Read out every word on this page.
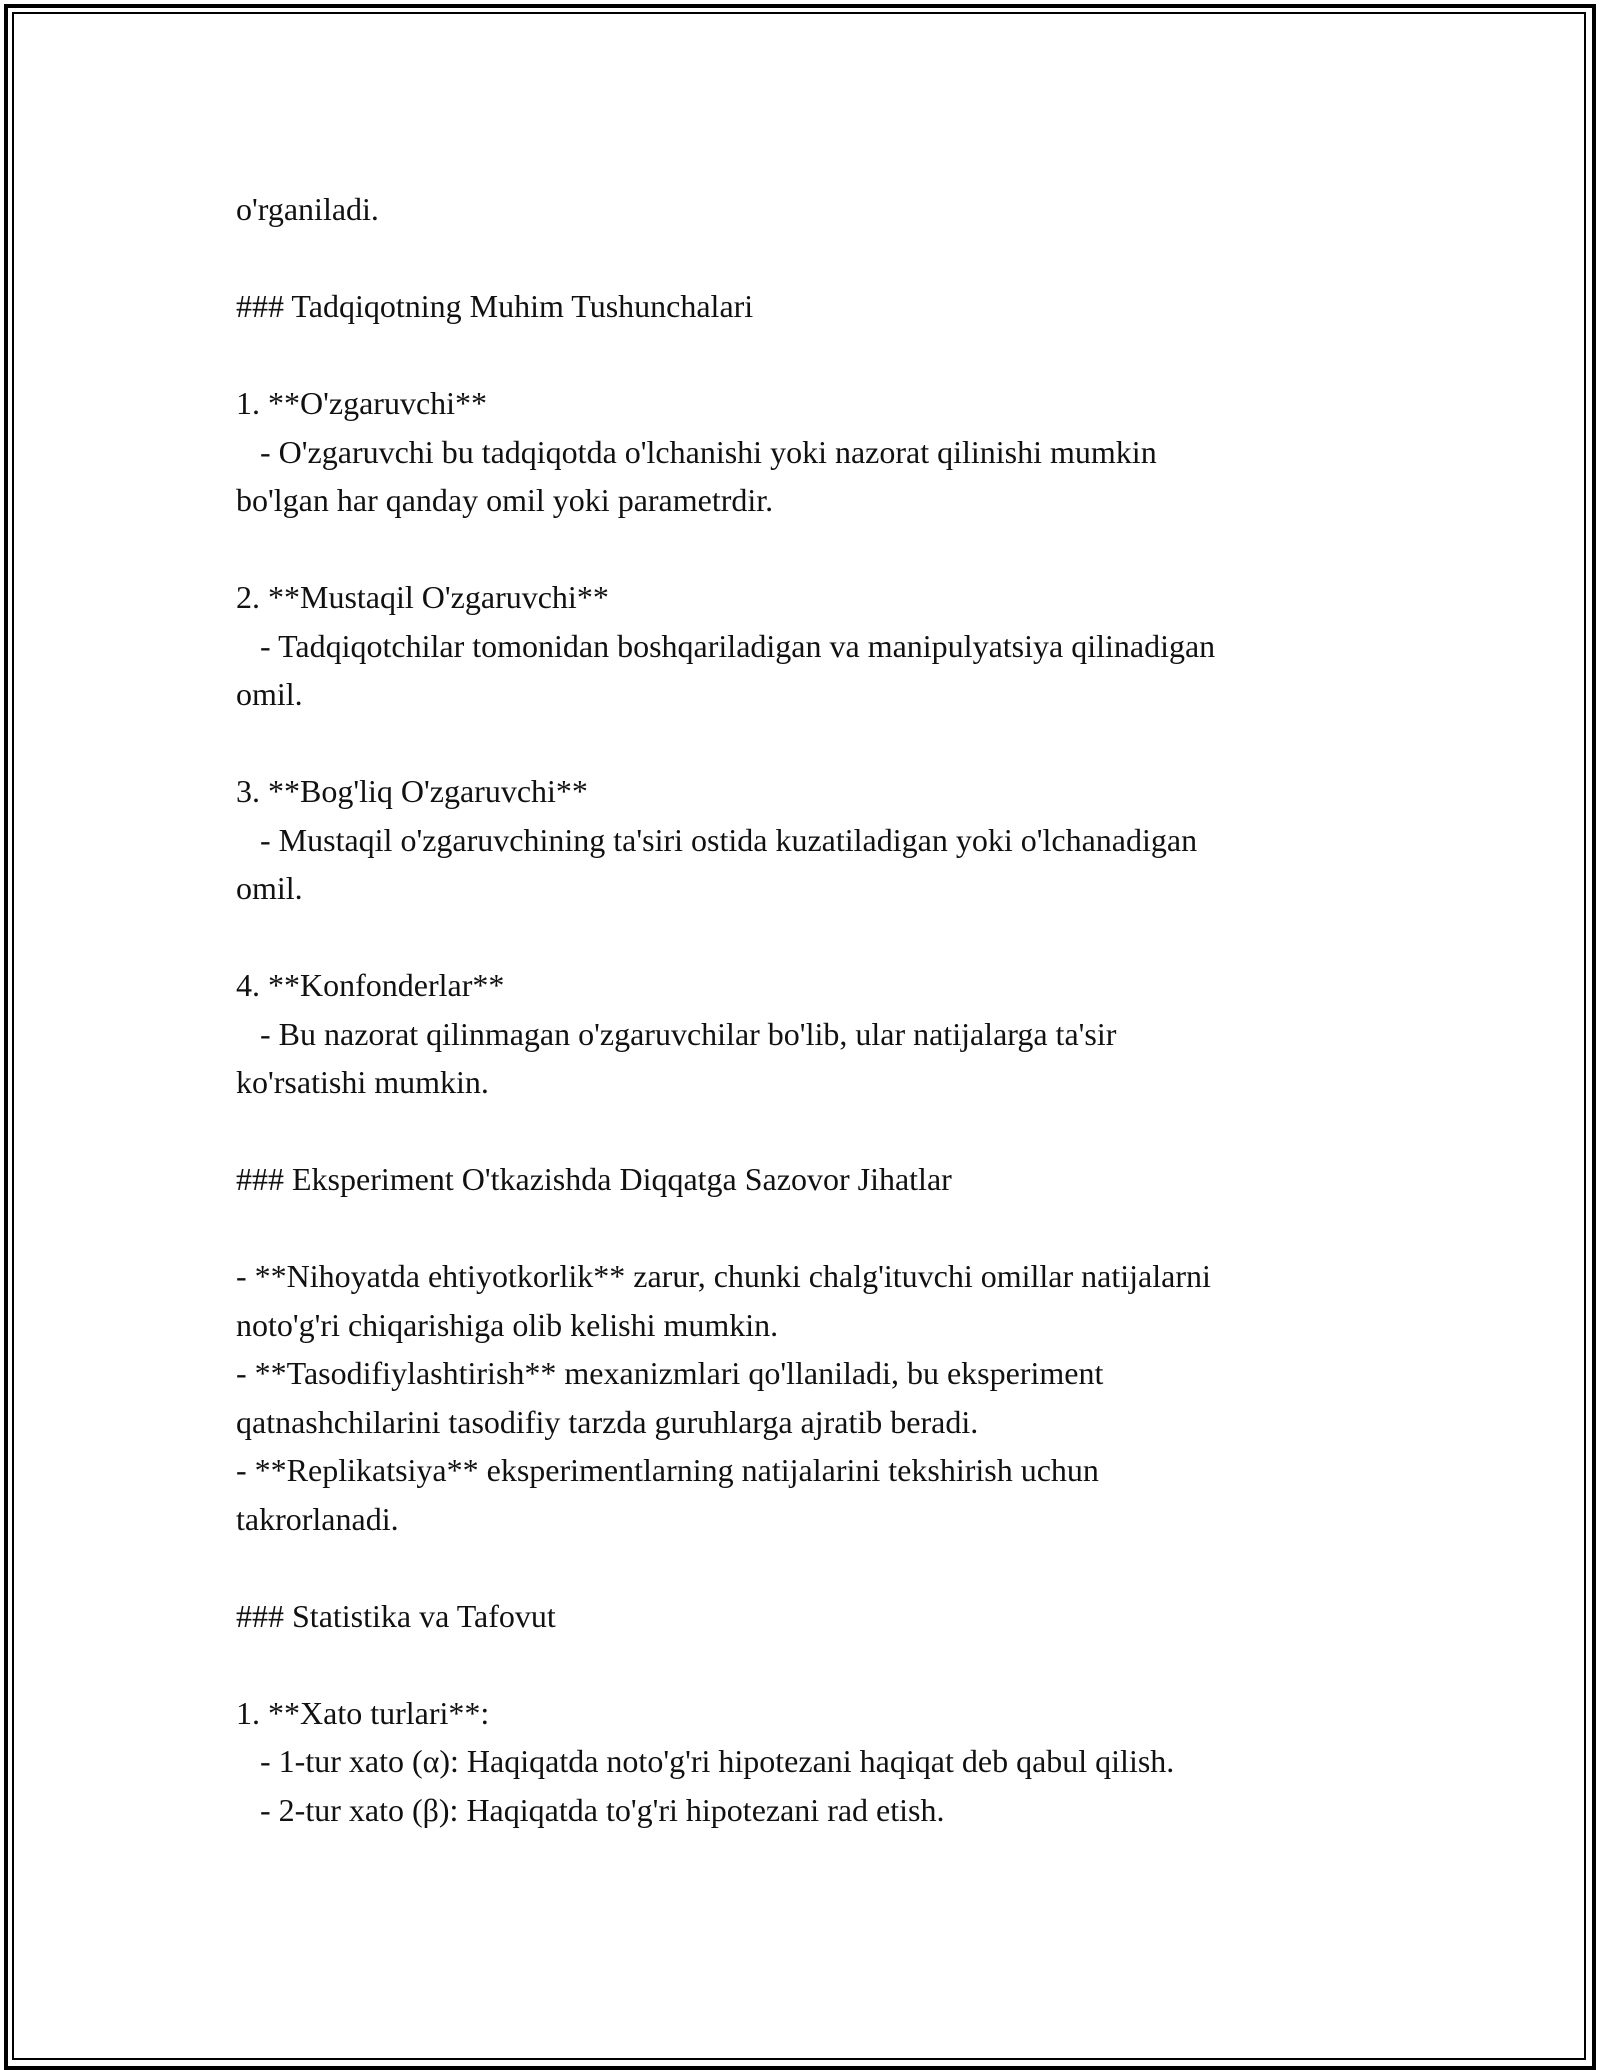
o'rganiladi.
### Tadqiqotning Muhim Tushunchalari
1. **O'zgaruvchi**
- O'zgaruvchi bu tadqiqotda o'lchanishi yoki nazorat qilinishi mumkin
bo'lgan har qanday omil yoki parametrdir.
2. **Mustaqil O'zgaruvchi**
- Tadqiqotchilar tomonidan boshqariladigan va manipulyatsiya qilinadigan
omil.
3. **Bog'liq O'zgaruvchi**
- Mustaqil o'zgaruvchining ta'siri ostida kuzatiladigan yoki o'lchanadigan
omil.
4. **Konfonderlar**
- Bu nazorat qilinmagan o'zgaruvchilar bo'lib, ular natijalarga ta'sir
ko'rsatishi mumkin.
### Eksperiment O'tkazishda Diqqatga Sazovor Jihatlar
- **Nihoyatda ehtiyotkorlik** zarur, chunki chalg'ituvchi omillar natijalarni
noto'g'ri chiqarishiga olib kelishi mumkin.
- **Tasodifiylashtirish** mexanizmlari qo'llaniladi, bu eksperiment
qatnashchilarini tasodifiy tarzda guruhlarga ajratib beradi.
- **Replikatsiya** eksperimentlarning natijalarini tekshirish uchun
takrorlanadi.
### Statistika va Tafovut
1. **Xato turlari**:
- 1-tur xato (α): Haqiqatda noto'g'ri hipotezani haqiqat deb qabul qilish.
- 2-tur xato (β): Haqiqatda to'g'ri hipotezani rad etish.
